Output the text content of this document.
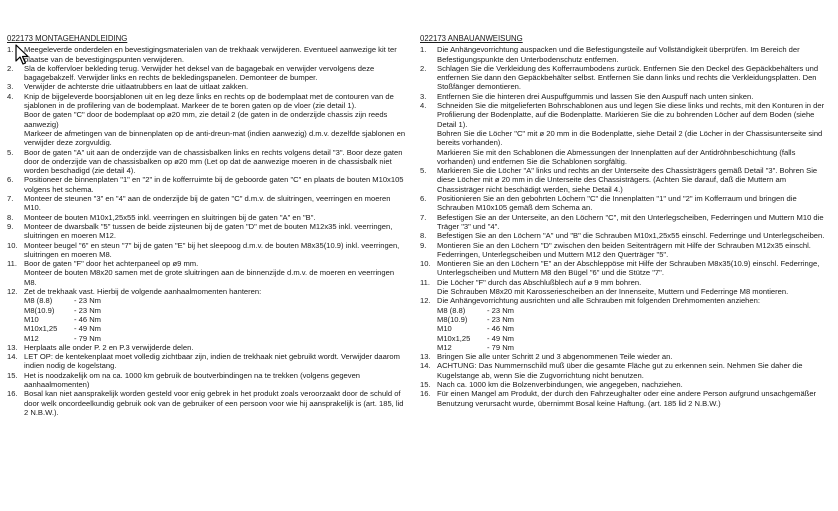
022173 MONTAGEHANDLEIDING
1.	Meegeleverde onderdelen en bevestigingsmaterialen van de trekhaak verwijderen. Eventueel aanwezige kit ter plaatse van de bevestigingspunten verwijderen.

2.	Sla de koffervloer bekleding terug. Verwijder het deksel van de bagagebak en verwijder vervolgens deze bagagebakzelf. Verwijder links en rechts de bekledingspanelen. Demonteer de bumper.

3.	Verwijder de achterste drie uitlaatrubbers en laat de uitlaat zakken.

4.	Knip de bijgeleverde boorsjablonen uit en leg deze links en rechts op de bodemplaat met de contouren van de sjablonen in de profilering van de bodemplaat. Markeer de te boren gaten op de vloer (zie detail 1).

Boor de gaten "C" door de bodemplaat op ø20 mm, zie detail 2 (de gaten in de onderzijde chassis zijn reeds aanwezig)

Markeer de afmetingen van de binnenplaten op de anti-dreun-mat (indien aanwezig) d.m.v. dezelfde sjablonen en verwijder deze zorgvuldig.

5.	Boor de gaten "A" uit aan de onderzijde van de chassisbalken links en rechts volgens detail "3". Boor deze gaten door de onderzijde van de chassisbalken op ø20 mm (Let op dat de aanwezige moeren in de chassisbalk niet worden beschadigd (zie detail 4).

6.	Positioneer de binnenplaten "1" en "2" in de kofferruimte bij de geboorde gaten "C" en plaats de bouten M10x105 volgens het schema.

7.	Monteer de steunen "3" en "4" aan de onderzijde bij de gaten "C" d.m.v. de sluitringen, veerringen en moeren M10.

8.	Monteer de bouten M10x1,25x55 inkl. veerringen en sluitringen bij de gaten "A" en "B".

9.	Monteer de dwarsbalk "5" tussen de beide zijsteunen bij de gaten "D" met de bouten M12x35 inkl. veerringen, sluitringen en moeren M12.

10. Monteer beugel "6" en steun "7" bij de gaten "E" bij het sleepoog d.m.v. de bouten M8x35(10.9) inkl. veerringen, sluitringen en moeren M8.

11. Boor de gaten "F" door het achterpaneel op ø9 mm.

Monteer de bouten M8x20 samen met de grote sluitringen aan de binnenzijde d.m.v. de moeren en veerringen M8.

12. Zet de trekhaak vast. Hierbij de volgende aanhaalmomenten hanteren:

M8 (8.8)	- 23 Nm
M8(10.9)	- 23 Nm
M10	- 46 Nm
M10x1,25	- 49 Nm
M12	- 79 Nm
13. Herplaats alle onder P. 2 en P.3 verwijderde delen.

14. LET OP: de kentekenplaat moet volledig zichtbaar zijn, indien de trekhaak niet gebruikt wordt. Verwijder daarom indien nodig de kogelstang.

15. Het is noodzakelijk om na ca. 1000 km gebruik de boutverbindingen na te trekken (volgens gegeven aanhaalmomenten)

16. Bosal kan niet aansprakelijk worden gesteld voor enig gebrek in het produkt zoals veroorzaakt door de schuld of door welk oncordeelkundig gebruik ook van de gebruiker of een persoon voor wie hij aansprakelijk is (art. 185, lid 2 N.B.W.).

022173 ANBAUANWEISUNG
1.	Die Anhängevorrichtung auspacken und die Befestigungsteile auf Vollständigkeit überprüfen. Im Bereich der Befestigungspunkte den Unterbodenschutz entfernen.

2.	Schlagen Sie die Verkleidung des Kofferraumbodens zurück. Entfernen Sie den Deckel des Gepäckbehälters und entfernen Sie dann den Gepäckbehälter selbst. Entfernen Sie dann links und rechts die Verkleidungsplatten. Den Stoßfänger demontieren.

3.	Entfernen Sie die hinteren drei Auspuffgummis und lassen Sie den Auspuff nach unten sinken.

4.	Schneiden Sie die mitgelieferten Bohrschablonen aus und legen Sie diese links und rechts, mit den Konturen in der Profilierung der Bodenplatte, auf die Bodenplatte. Markieren Sie die zu bohrenden Löcher auf dem Boden (siehe Detail 1).

Bohren Sie die Löcher "C" mit ø 20 mm in die Bodenplatte, siehe Detail 2 (die Löcher in der Chassisunterseite sind bereits vorhanden).

Markieren Sie mit den Schablonen die Abmessungen der Innenplatten auf der Antidröhnbeschichtung (falls vorhanden) und entfernen Sie die Schablonen sorgfältig.

5.	Markieren Sie die Löcher "A" links und rechts an der Unterseite des Chassisträgers gemäß Detail "3". Bohren Sie diese Löcher mit ø 20 mm in die Unterseite des Chassisträgers. (Achten Sie darauf, daß die Muttern am Chassisträger nicht beschädigt werden, siehe Detail 4.)

6.	Positionieren Sie an den gebohrten Löchern "C" die Innenplatten "1" und "2" im Kofferraum und bringen die Schrauben M10x105 gemäß dem Schema an.

7.	Befestigen Sie an der Unterseite, an den Löchern "C", mit den Unterlegscheiben, Federringen und Muttern M10 die Träger "3" und "4".

8.	Befestigen Sie an den Löchern "A" und "B" die Schrauben M10x1,25x55 einschl. Federringe und Unterlegscheiben.

9.	Montieren Sie an den Löchern "D" zwischen den beiden Seitenträgern mit Hilfe der Schrauben M12x35 einschl. Federringen, Unterlegscheiben und Muttern M12 den Querträger "5".

10. Montieren Sie an den Löchern "E" an der Abschleppöse mit Hilfe der Schrauben M8x35(10.9) einschl. Federringe, Unterlegscheiben und Muttern M8 den Bügel "6" und die Stütze "7".

11. Die Löcher "F" durch das Abschlußblech auf ø 9 mm bohren.

Die Schrauben M8x20 mit Karosseriescheiben an der Innenseite, Muttern und Federringe M8 montieren.

12. Die Anhängevorrichtung ausrichten und alle Schrauben mit folgenden Drehmomenten anziehen:

M8 (8.8)	- 23 Nm
M8(10.9)	- 23 Nm
M10	- 46 Nm
M10x1,25	- 49 Nm
M12	- 79 Nm
13. Bringen Sie alle unter Schritt 2 und 3 abgenommenen Teile wieder an.

14. ACHTUNG: Das Nummernschild muß über die gesamte Fläche gut zu erkennen sein. Nehmen Sie daher die Kugelstange ab, wenn Sie die Zugvorrichtung nicht benutzen.

15. Nach ca. 1000 km die Bolzenverbindungen, wie angegeben, nachziehen.

16. Für einen Mangel am Produkt, der durch den Fahrzeughalter oder eine andere Person aufgrund unsachgemäßer Benutzung verursacht wurde, übernimmt Bosal keine Haftung. (art. 185 lid 2 N.B.W.)
